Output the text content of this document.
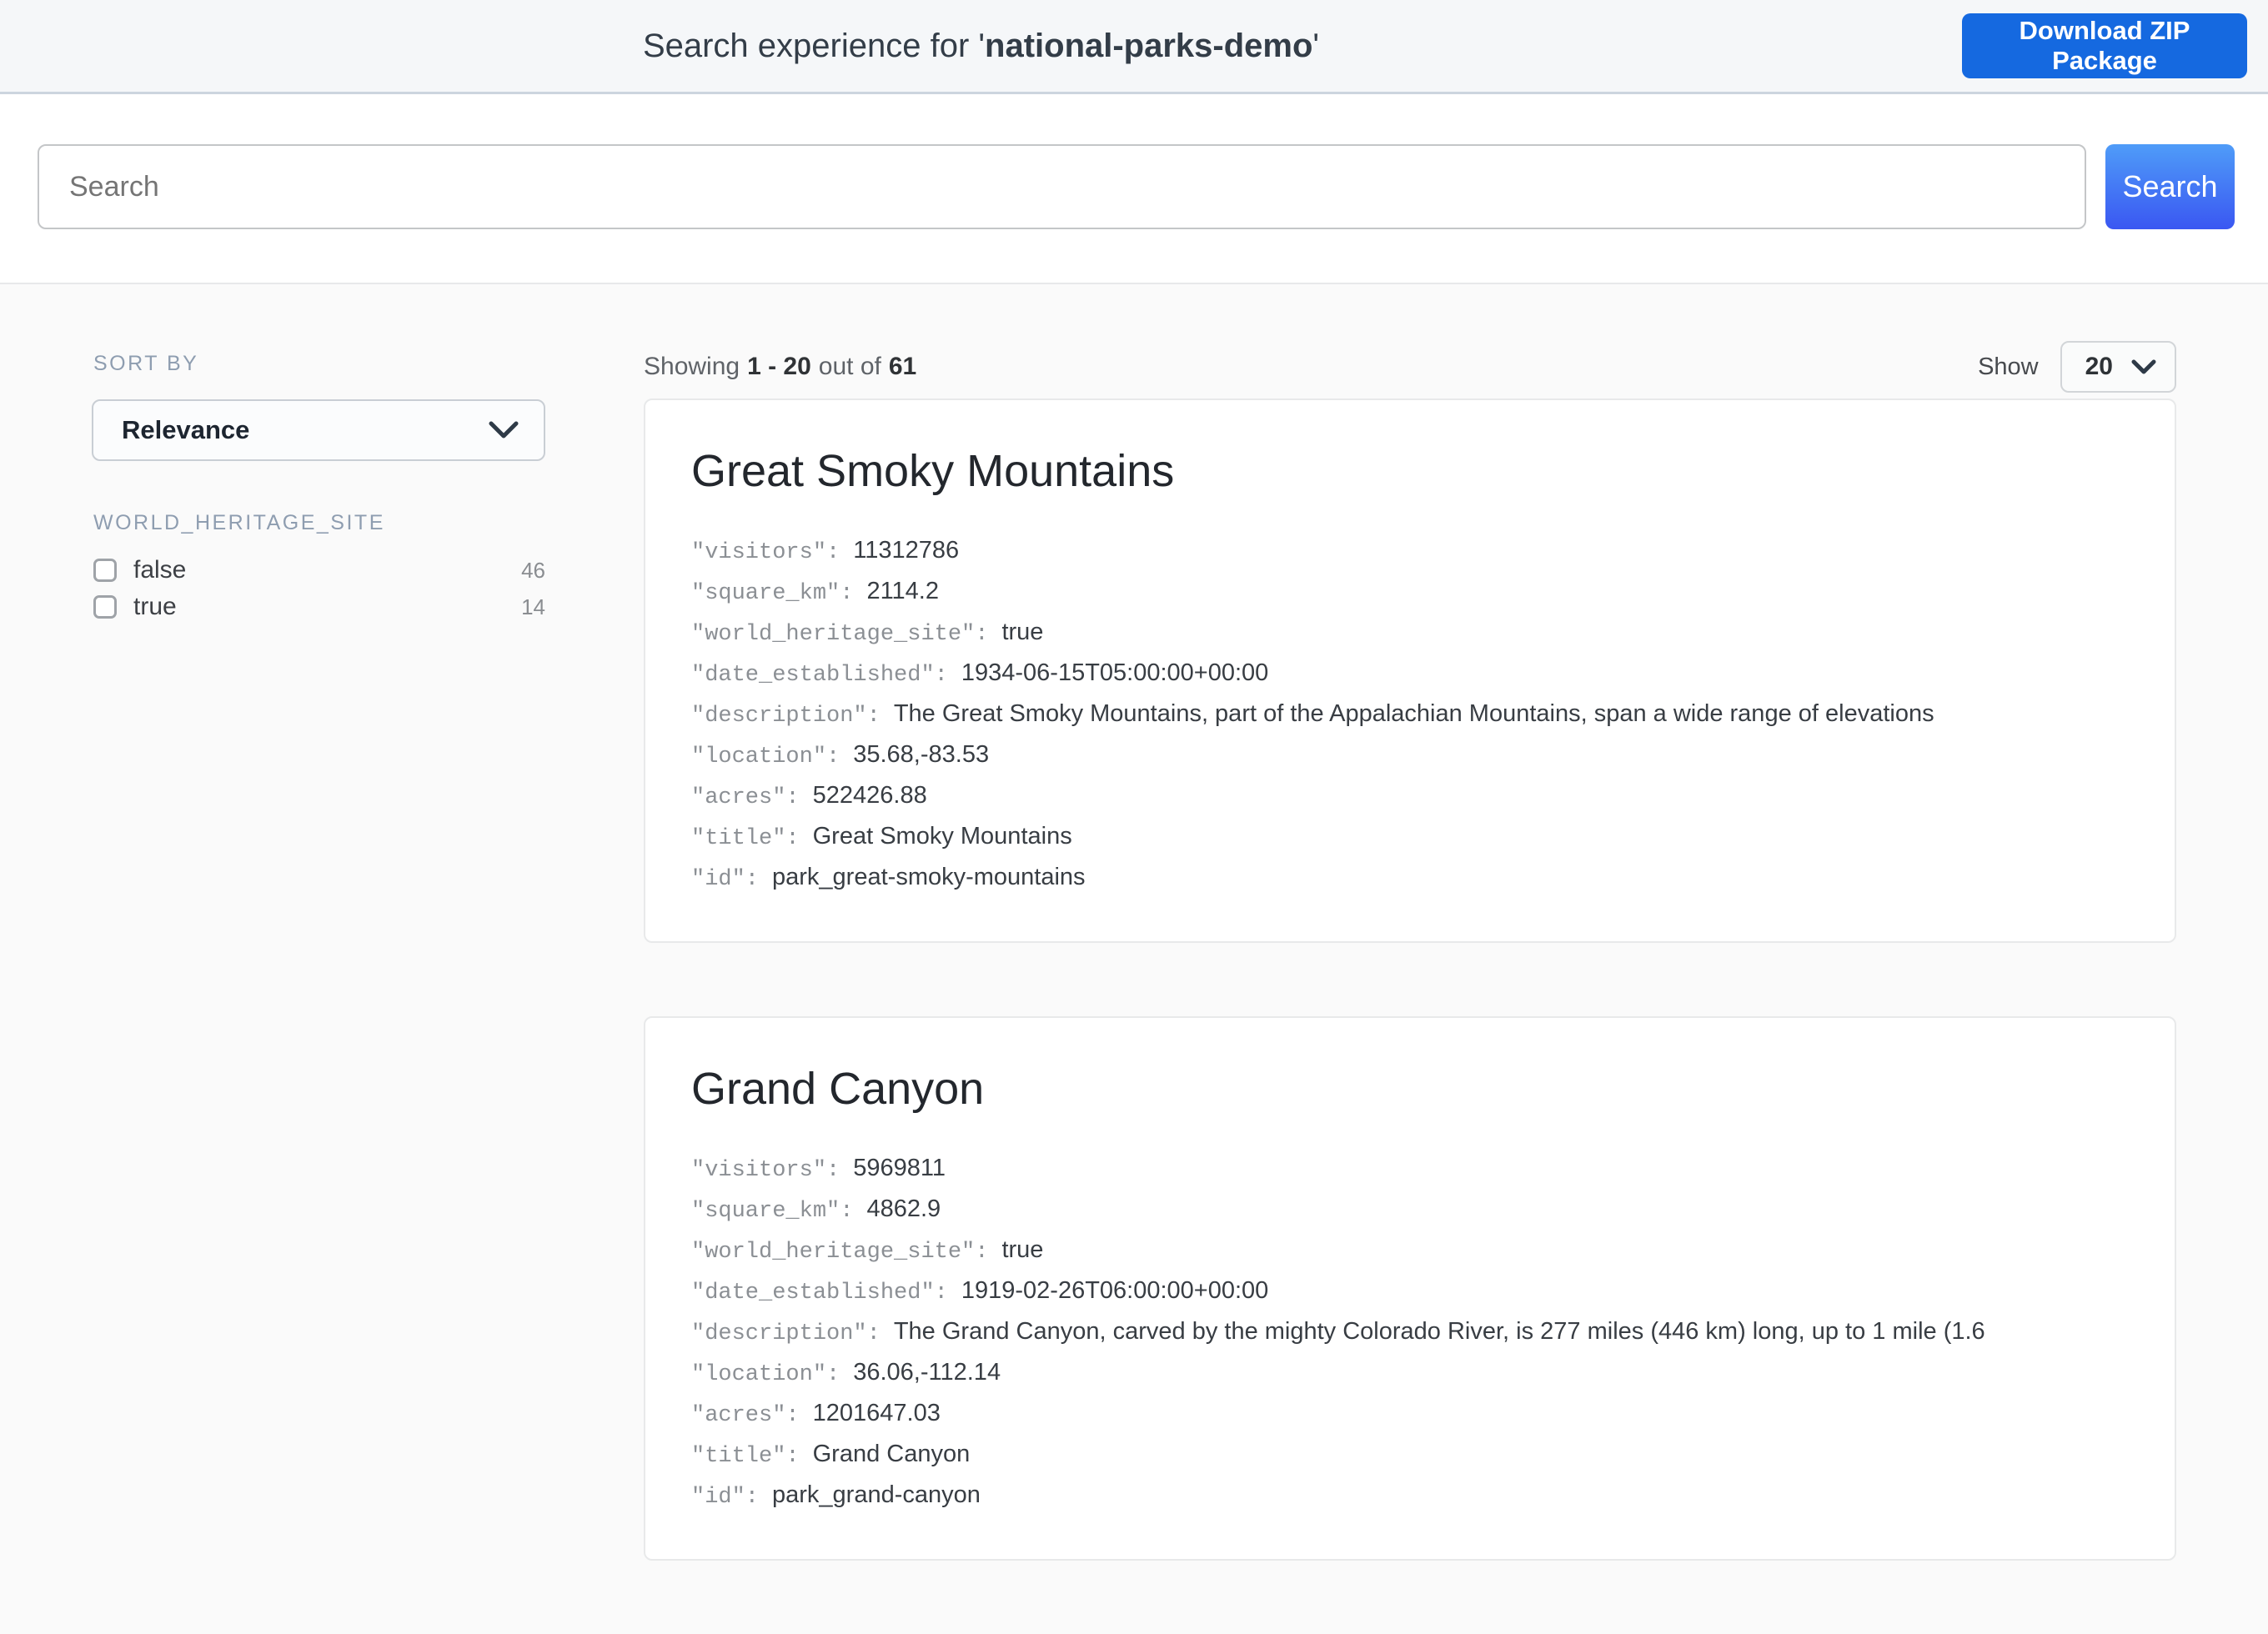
Search experience for 'national-parks-demo'	Download ZIP Package
Search
Search
SORT BY
Relevance
WORLD_HERITAGE_SITE
false	46
true	14
Showing 1 - 20 out of 61	Show 20
Great Smoky Mountains
"visitors": 11312786
"square_km": 2114.2
"world_heritage_site": true
"date_established": 1934-06-15T05:00:00+00:00
"description": The Great Smoky Mountains, part of the Appalachian Mountains, span a wide range of elevations
"location": 35.68,-83.53
"acres": 522426.88
"title": Great Smoky Mountains
"id": park_great-smoky-mountains
Grand Canyon
"visitors": 5969811
"square_km": 4862.9
"world_heritage_site": true
"date_established": 1919-02-26T06:00:00+00:00
"description": The Grand Canyon, carved by the mighty Colorado River, is 277 miles (446 km) long, up to 1 mile (1.6
"location": 36.06,-112.14
"acres": 1201647.03
"title": Grand Canyon
"id": park_grand-canyon
